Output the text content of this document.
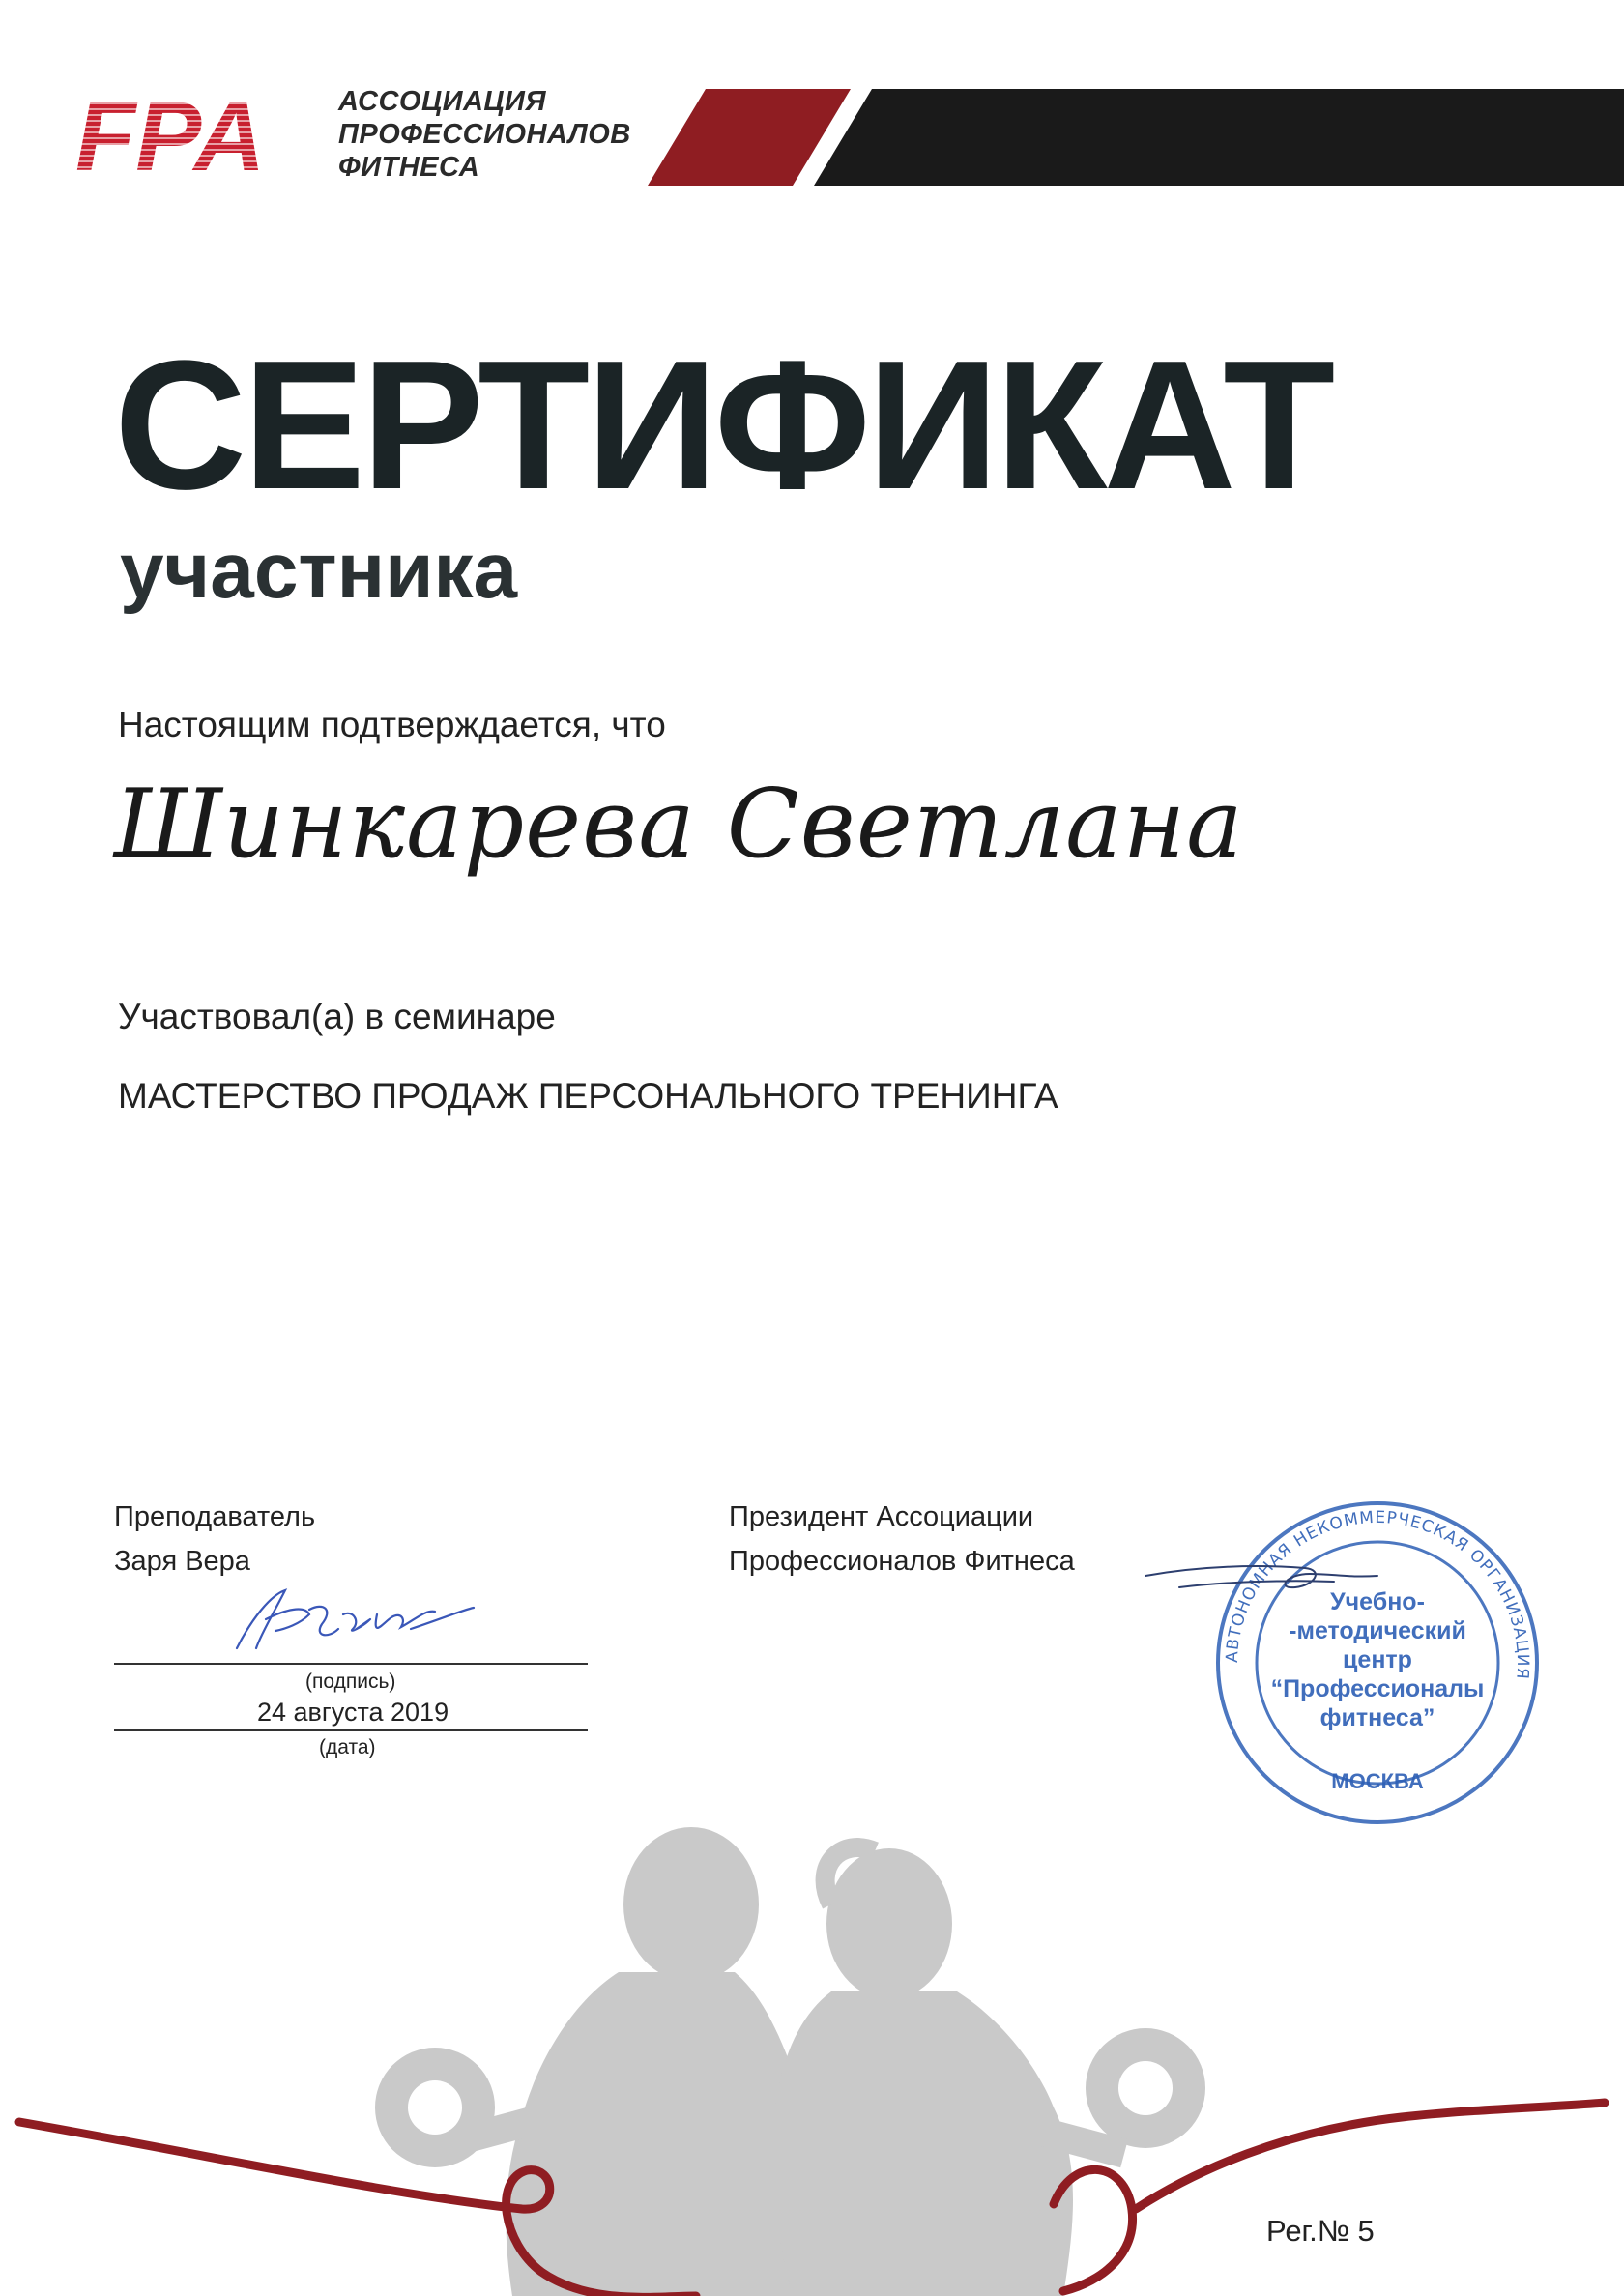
FPA	АССОЦИАЦИЯ
ПРОФЕССИОНАЛОВ
ФИТНЕСА
СЕРТИФИКАТ
участника
Настоящим подтверждается, что
Шинкарева Светлана
Участвовал(а) в семинаре
МАСТЕРСТВО ПРОДАЖ ПЕРСОНАЛЬНОГО ТРЕНИНГА
Преподаватель
Заря Вера
(подпись)
24 августа 2019
(дата)
Президент Ассоциации
Профессионалов Фитнеса
АВТОНОМНАЯ НЕКОММЕРЧЕСКАЯ ОРГАНИЗАЦИЯ
Учебно-
-методический
центр
“Профессионалы
фитнеса”
МОСКВА
Рег.№ 5
